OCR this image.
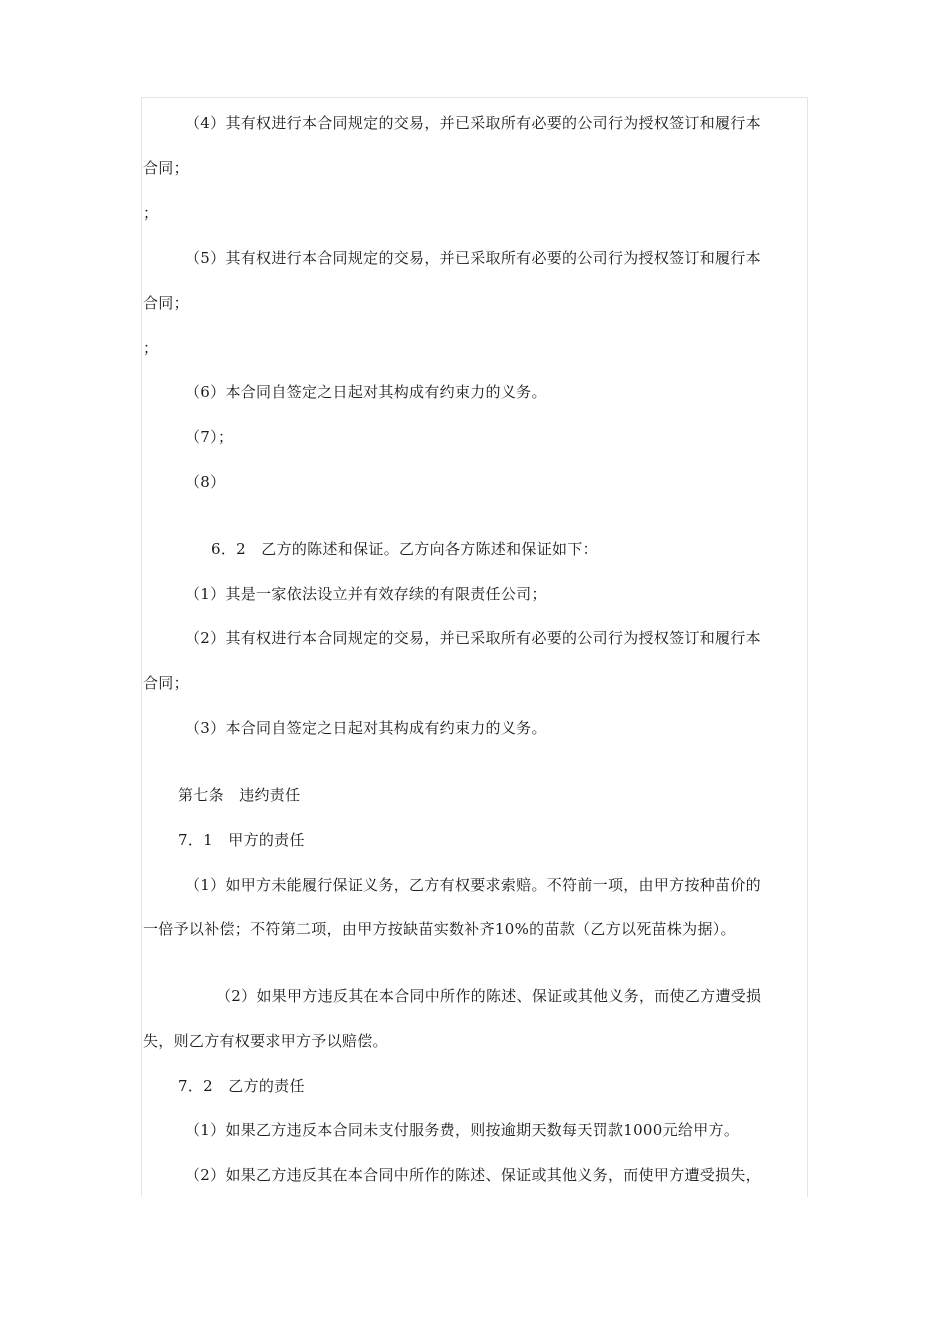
（4）其有权进行本合同规定的交易，并已采取所有必要的公司行为授权签订和履行本
合同；
；
（5）其有权进行本合同规定的交易，并已采取所有必要的公司行为授权签订和履行本
合同；
；
（6）本合同自签定之日起对其构成有约束力的义务。
（7）；
（8）
6．2　乙方的陈述和保证。乙方向各方陈述和保证如下：
（1）其是一家依法设立并有效存续的有限责任公司；
（2）其有权进行本合同规定的交易，并已采取所有必要的公司行为授权签订和履行本
合同；
（3）本合同自签定之日起对其构成有约束力的义务。
第七条　违约责任
7．1　甲方的责任
（1）如甲方未能履行保证义务，乙方有权要求索赔。不符前一项，由甲方按种苗价的
一倍予以补偿；不符第二项，由甲方按缺苗实数补齐10%的苗款（乙方以死苗株为据）。
（2）如果甲方违反其在本合同中所作的陈述、保证或其他义务，而使乙方遭受损
失，则乙方有权要求甲方予以赔偿。
7．2　乙方的责任
（1）如果乙方违反本合同未支付服务费，则按逾期天数每天罚款1000元给甲方。
（2）如果乙方违反其在本合同中所作的陈述、保证或其他义务，而使甲方遭受损失，
